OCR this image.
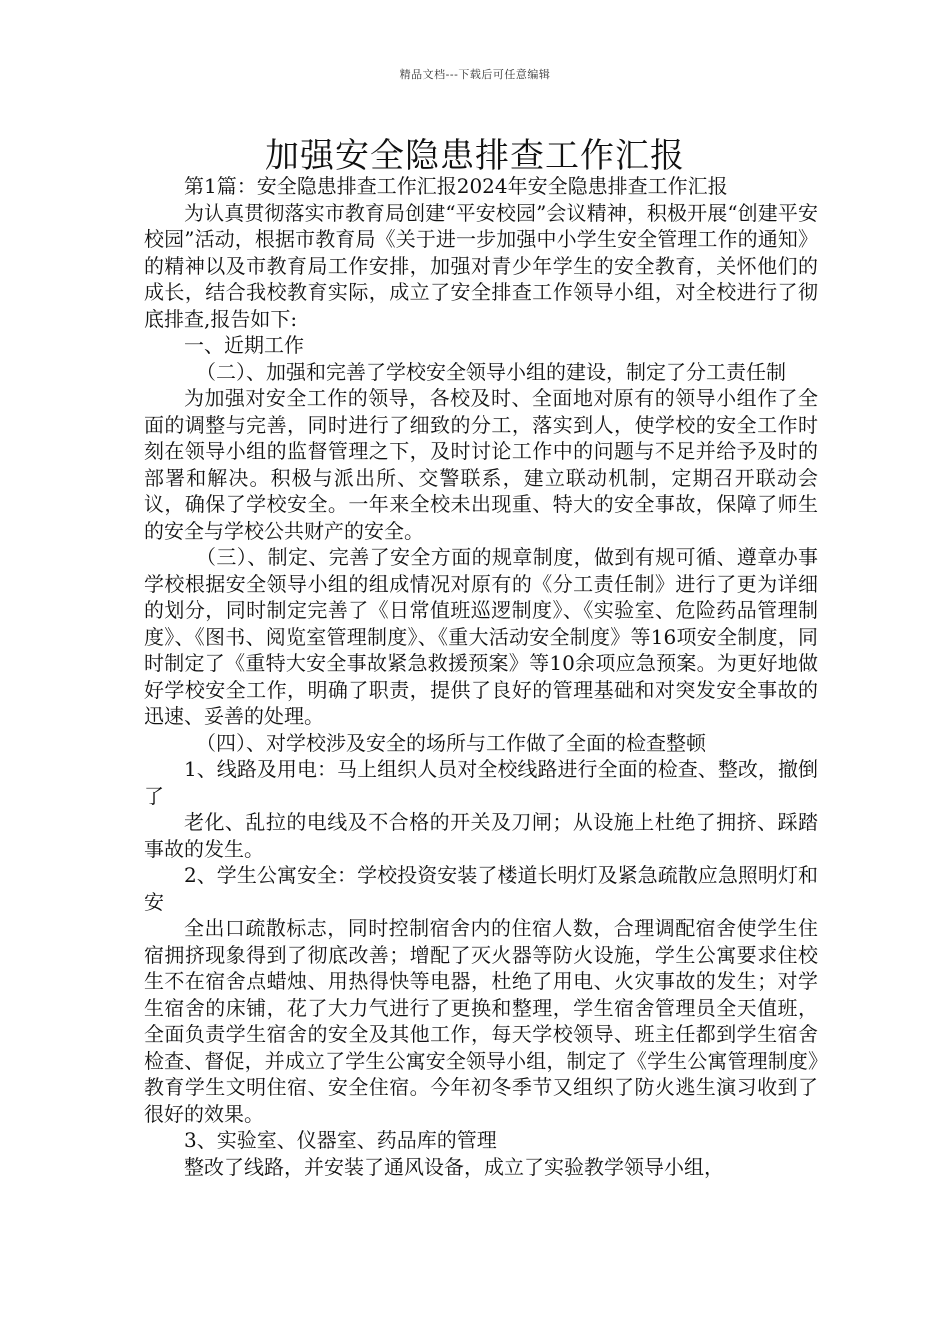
精品文档---下载后可任意编辑
加强安全隐患排查工作汇报

第1篇：安全隐患排查工作汇报2024年安全隐患排查工作汇报

为认真贯彻落实市教育局创建“平安校园”会议精神，积极开展“创建平安校园”活动，根据市教育局《关于进一步加强中小学生安全管理工作的通知》的精神以及市教育局工作安排，加强对青少年学生的安全教育，关怀他们的成长，结合我校教育实际，成立了安全排查工作领导小组，对全校进行了彻底排查,报告如下:

一、近期工作

（二）、加强和完善了学校安全领导小组的建设，制定了分工责任制

为加强对安全工作的领导，各校及时、全面地对原有的领导小组作了全面的调整与完善，同时进行了细致的分工，落实到人，使学校的安全工作时刻在领导小组的监督管理之下，及时讨论工作中的问题与不足并给予及时的部署和解决。积极与派出所、交警联系，建立联动机制，定期召开联动会议，确保了学校安全。一年来全校未出现重、特大的安全事故，保障了师生的安全与学校公共财产的安全。

（三）、制定、完善了安全方面的规章制度，做到有规可循、遵章办事 学校根据安全领导小组的组成情况对原有的《分工责任制》进行了更为详细的划分，同时制定完善了《日常值班巡逻制度》、《实验室、危险药品管理制度》、《图书、阅览室管理制度》、《重大活动安全制度》等16项安全制度，同时制定了《重特大安全事故紧急救援预案》等10余项应急预案。为更好地做好学校安全工作，明确了职责，提供了良好的管理基础和对突发安全事故的迅速、妥善的处理。

（四）、对学校涉及安全的场所与工作做了全面的检查整顿

1、线路及用电：马上组织人员对全校线路进行全面的检查、整改，撤倒了

老化、乱拉的电线及不合格的开关及刀闸；从设施上杜绝了拥挤、踩踏事故的发生。

2、学生公寓安全：学校投资安装了楼道长明灯及紧急疏散应急照明灯和安

全出口疏散标志，同时控制宿舍内的住宿人数，合理调配宿舍使学生住宿拥挤现象得到了彻底改善；增配了灭火器等防火设施，学生公寓要求住校生不在宿舍点蜡烛、用热得快等电器，杜绝了用电、火灾事故的发生；对学生宿舍的床铺，花了大力气进行了更换和整理，学生宿舍管理员全天值班，全面负责学生宿舍的安全及其他工作，每天学校领导、班主任都到学生宿舍检查、督促，并成立了学生公寓安全领导小组，制定了《学生公寓管理制度》教育学生文明住宿、安全住宿。今年初冬季节又组织了防火逃生演习收到了很好的效果。

3、实验室、仪器室、药品库的管理

整改了线路，并安装了通风设备，成立了实验教学领导小组，
